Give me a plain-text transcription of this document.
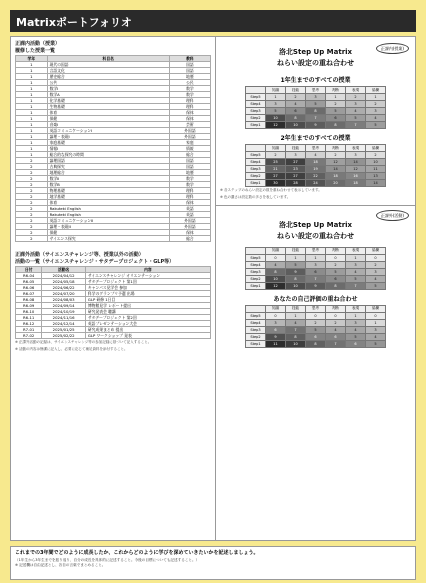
Matrixポートフォリオ
正課内活動（授業）
履修した授業一覧
学年	科目名	教科
1	現代の国語	国語
1	言語文化	国語
1	歴史総合	地歴
1	公共	公民
1	数学I	数学
1	数学A	数学
1	化学基礎	理科
1	生物基礎	理科
1	体育	保体
1	保健	保体
1	音楽I	芸術
1	英語コミュニケーションI	外国語
1	論理・表現I	外国語
1	家庭基礎	家庭
1	情報I	情報
1	総合的な探究の時間	総合
2	論理国語	国語
2	古典探究	国語
2	地理総合	地歴
2	数学II	数学
2	数学B	数学
2	物理基礎	理科
2	地学基礎	理科
2	体育	保体
2	Rakuteki English	英語
2	Rakuteki English	英語
2	英語コミュニケーションII	外国語
2	論理・表現II	外国語
2	保健	保体
2	サイエンス探究	総合
正課外活動（サイエンスチャレンジ等、授業以外の活動）
活動の一覧（サイエンスチャレンジ・サタデープロジェクト・GLP等）
日付	活動名	内容
R6-04	2024/04/12	サイエンスチャレンジ オリエンテーション
R6-05	2024/05/18	サタデープロジェクト 第1回
R6-06	2024/06/22	キャンパス見学会 参加
R6-07	2024/07/20	科学のグランプリ予選 出場
R6-08	2024/08/03	GLP 研修 1日目
R6-09	2024/09/14	博物館見学 レポート提出
R6-10	2024/10/19	研究発表会 聴講
R6-11	2024/11/16	サタデープロジェクト 第2回
R6-12	2024/12/14	英語プレゼンテーション大会
R7-01	2025/01/25	研究成果まとめ 提出
R7-02	2025/02/22	GLP ワークショップ 発表
※ 正課外活動の記録は、サイエンスチャレンジ等の参加記録に基づいて記入すること。
※ 活動の内容は簡潔に記入し、必要に応じて補足資料を添付すること。
洛北Step Up Matrix
ねらい設定の重ね合わせ
正課内(授業)
1年生までのすべての授業
	知識	技能	思考	判断	表現	協働
Step5	1	2	3	1	2	1
Step4	3	4	5	2	3	2
Step3	5	6	8	5	4	3
Step2	10	8	7	6	5	4
Step1	12	10	9	8	7	5
2年生までのすべての授業
	知識	技能	思考	判断	表現	協働
Step5	2	3	4	2	3	2
Step4	25	27	18	12	14	10
Step3	21	23	19	14	12	11
Step2	27	27	22	18	16	13
Step1	30	28	24	20	18	14
※ 各ステップのねらい設定の数を重ね合わせて表示しています。
※ 色の濃さは設定数の多さを表しています。
洛北Step Up Matrix
ねらい設定の重ね合わせ
正課外(活動)
	知識	技能	思考	判断	表現	協働
Step5	0	1	1	0	1	0
Step4	4	5	3	2	3	2
Step3	8	9	6	5	4	3
Step2	10	8	7	6	5	4
Step1	12	10	9	8	7	5
あなたの自己評価の重ね合わせ
	知識	技能	思考	判断	表現	協働
Step5	0	1	0	0	1	0
Step4	3	4	2	2	3	1
Step3	6	7	5	4	4	3
Step2	9	8	6	6	5	4
Step1	11	10	8	7	6	5
これまでの3年間でどのように成長したか、これからどのように学びを深めていきたいかを記述しましょう。
（1年生から3年生までを振り返り、自分の成長を具体的に記述すること。今後の目標についても記述すること。）
※ 記述欄は自由記述とし、各自の言葉でまとめること。
